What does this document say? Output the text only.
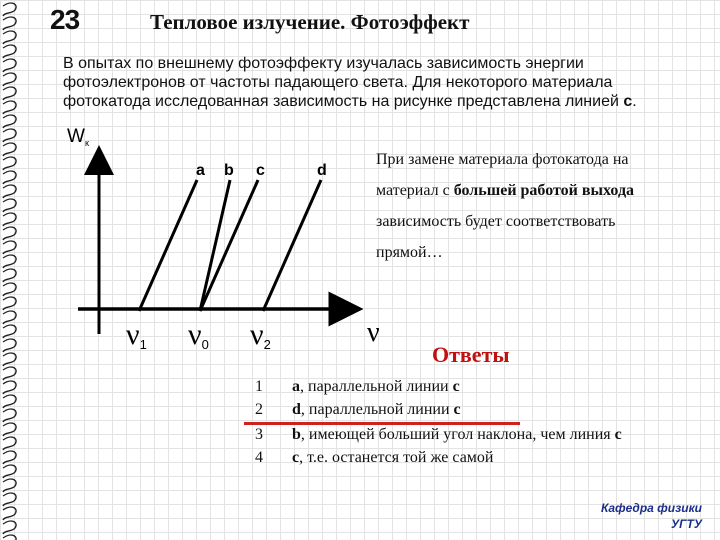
23	Тепловое излучение. Фотоэффект
В опытах по внешнему фотоэффекту изучалась зависимость энергии
фотоэлектронов от частоты падающего света. Для некоторого материала
фотокатода исследованная зависимость на рисунке представлена линией с.
$W_к$
ν
a b c	d
ν1 ν0 ν2
При замене материала фотокатода на
материал с большей работой выхода
зависимость будет соответствовать
прямой…
Ответы
1 a, параллельной линии c
2 d, параллельной линии c
3 b, имеющей больший угол наклона, чем линия c
4 c, т.е. останется той же самой
Кафедра физики
УГТУ
